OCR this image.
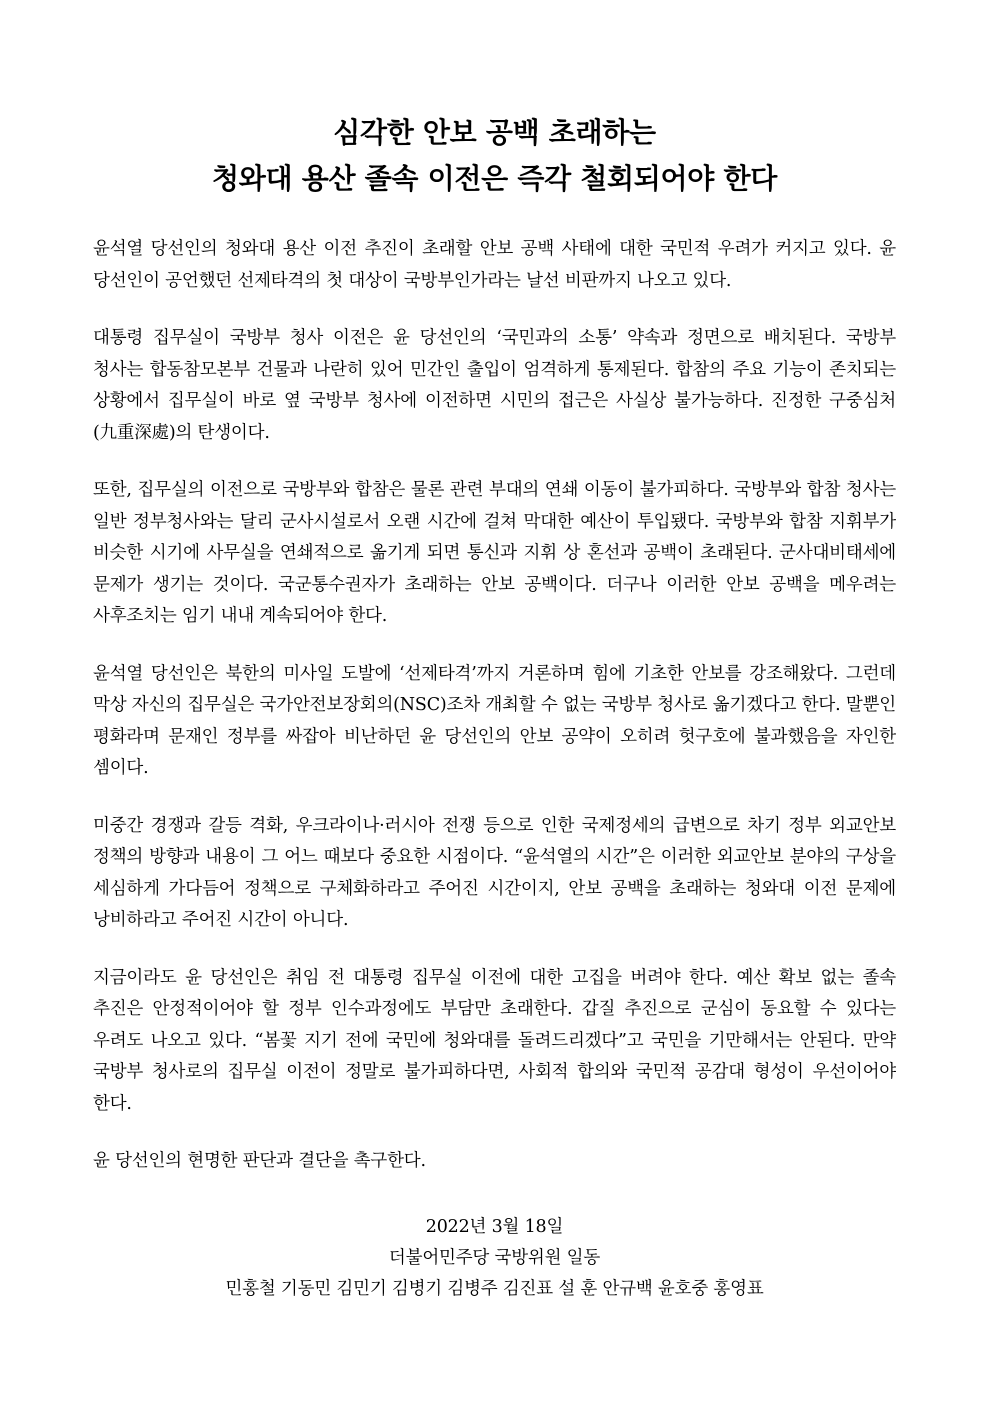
심각한 안보 공백 초래하는
청와대 용산 졸속 이전은 즉각 철회되어야 한다

윤석열 당선인의 청와대 용산 이전 추진이 초래할 안보 공백 사태에 대한 국민적 우려가 커지고 있다. 윤 당선인이 공언했던 선제타격의 첫 대상이 국방부인가라는 날선 비판까지 나오고 있다.

대통령 집무실이 국방부 청사 이전은 윤 당선인의 ‘국민과의 소통’ 약속과 정면으로 배치된다. 국방부 청사는 합동참모본부 건물과 나란히 있어 민간인 출입이 엄격하게 통제된다. 합참의 주요 기능이 존치되는 상황에서 집무실이 바로 옆 국방부 청사에 이전하면 시민의 접근은 사실상 불가능하다. 진정한 구중심처(九重深處)의 탄생이다.

또한, 집무실의 이전으로 국방부와 합참은 물론 관련 부대의 연쇄 이동이 불가피하다. 국방부와 합참 청사는 일반 정부청사와는 달리 군사시설로서 오랜 시간에 걸쳐 막대한 예산이 투입됐다. 국방부와 합참 지휘부가 비슷한 시기에 사무실을 연쇄적으로 옮기게 되면 통신과 지휘 상 혼선과 공백이 초래된다. 군사대비태세에 문제가 생기는 것이다. 국군통수권자가 초래하는 안보 공백이다. 더구나 이러한 안보 공백을 메우려는 사후조치는 임기 내내 계속되어야 한다.

윤석열 당선인은 북한의 미사일 도발에 ‘선제타격’까지 거론하며 힘에 기초한 안보를 강조해왔다. 그런데 막상 자신의 집무실은 국가안전보장회의(NSC)조차 개최할 수 없는 국방부 청사로 옮기겠다고 한다. 말뿐인 평화라며 문재인 정부를 싸잡아 비난하던 윤 당선인의 안보 공약이 오히려 헛구호에 불과했음을 자인한 셈이다.

미중간 경쟁과 갈등 격화, 우크라이나·러시아 전쟁 등으로 인한 국제정세의 급변으로 차기 정부 외교안보 정책의 방향과 내용이 그 어느 때보다 중요한 시점이다. “윤석열의 시간”은 이러한 외교안보 분야의 구상을 세심하게 가다듬어 정책으로 구체화하라고 주어진 시간이지, 안보 공백을 초래하는 청와대 이전 문제에 낭비하라고 주어진 시간이 아니다.

지금이라도 윤 당선인은 취임 전 대통령 집무실 이전에 대한 고집을 버려야 한다. 예산 확보 없는 졸속 추진은 안정적이어야 할 정부 인수과정에도 부담만 초래한다. 갑질 추진으로 군심이 동요할 수 있다는 우려도 나오고 있다. “봄꽃 지기 전에 국민에 청와대를 돌려드리겠다”고 국민을 기만해서는 안된다. 만약 국방부 청사로의 집무실 이전이 정말로 불가피하다면, 사회적 합의와 국민적 공감대 형성이 우선이어야 한다.

윤 당선인의 현명한 판단과 결단을 촉구한다.

2022년 3월 18일
더불어민주당 국방위원 일동
민홍철 기동민 김민기 김병기 김병주 김진표 설 훈 안규백 윤호중 홍영표
